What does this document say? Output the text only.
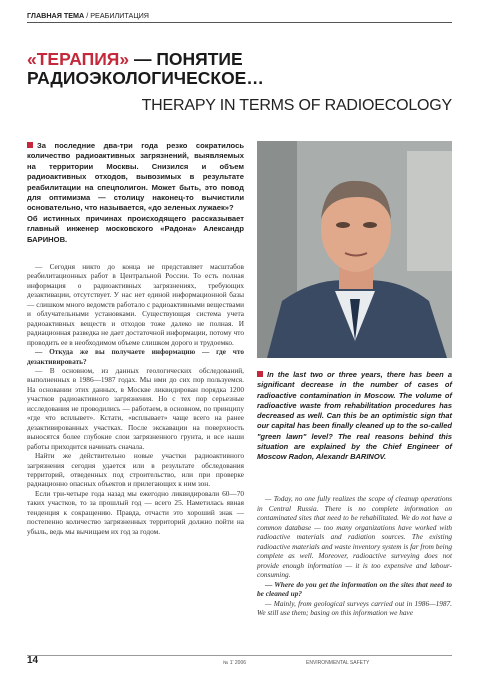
ГЛАВНАЯ ТЕМА / РЕАБИЛИТАЦИЯ
«ТЕРАПИЯ» — ПОНЯТИЕ РАДИОЭКОЛОГИЧЕСКОЕ…
THERAPY IN TERMS OF RADIOECOLOGY

За последние два-три года резко сократилось количество радиоактивных загрязнений, выявляемых на территории Москвы. Снизился и объем радиоактивных отходов, вывозимых в результате реабилитации на спецполигон. Может быть, это повод для оптимизма — столицу наконец-то вычистили основательно, что называется, «до зеленых лужаек»?

Об истинных причинах происходящего рассказывает главный инженер московского «Радона» Александр БАРИНОВ.

— Сегодня никто до конца не представляет масштабов реабилитационных работ в Центральной России. То есть полная информация о радиоактивных загрязнениях, требующих дезактивации, отсутствует. У нас нет единой информационной базы — слишком много ведомств работало с радиоактивными веществами и облучательными установками. Существующая система учета радиоактивных веществ и отходов тоже далеко не полная. И радиационная разведка не дает достаточной информации, потому что проводить ее в необходимом объеме слишком дорого и трудоемко.

— Откуда же вы получаете информацию — где что дезактивировать?

— В основном, из данных геологических обследований, выполненных в 1986—1987 годах. Мы ими до сих пор пользуемся. На основании этих данных, в Москве ликвидирован порядка 1200 участков радиоактивного загрязнения. Но с тех пор серьезные исследования не проводились — работаем, в основном, по принципу «где что всплывет». Кстати, «всплывает» чаще всего на ранее дезактивированных участках. После экскавации на поверхность выносятся более глубокие слои загрязненного грунта, и все наши работы приходится начинать сначала.

Найти же действительно новые участки радиоактивного загрязнения сегодня удается или в результате обследования территорий, отведенных под строительство, или при проверке радиационно опасных объектов и прилегающих к ним зон.

Если три-четыре года назад мы ежегодно ликвидировали 60—70 таких участков, то за прошлый год — всего 25. Наметилась явная тенденция к сокращению. Правда, отчасти это хороший знак — постепенно количество загрязненных территорий должно пойти на убыль, ведь мы вычищаем их год за годом.

In the last two or three years, there has been a significant decrease in the number of cases of radioactive contamination in Moscow. The volume of radioactive waste from rehabilitation procedures has decreased as well. Can this be an optimistic sign that our capital has been finally cleaned up to the so-called "green lawn" level? The real reasons behind this situation are explained by the Chief Engineer of Moscow Radon, Alexandr BARINOV.

— Today, no one fully realizes the scope of cleanup operations in Central Russia. There is no complete information on contaminated sites that need to be rehabilitated. We do not have a common database — too many organizations have worked with radioactive materials and radiation sources. The existing radioactive materials and waste inventory system is far from being complete as well. Moreover, radioactive surveying does not provide enough information — it is too expensive and labour-consuming.

— Where do you get the information on the sites that need to be cleaned up?

— Mainly, from geological surveys carried out in 1986—1987. We still use them; basing on this information we have

14	№ 1' 2006	ENVIRONMENTAL SAFETY
